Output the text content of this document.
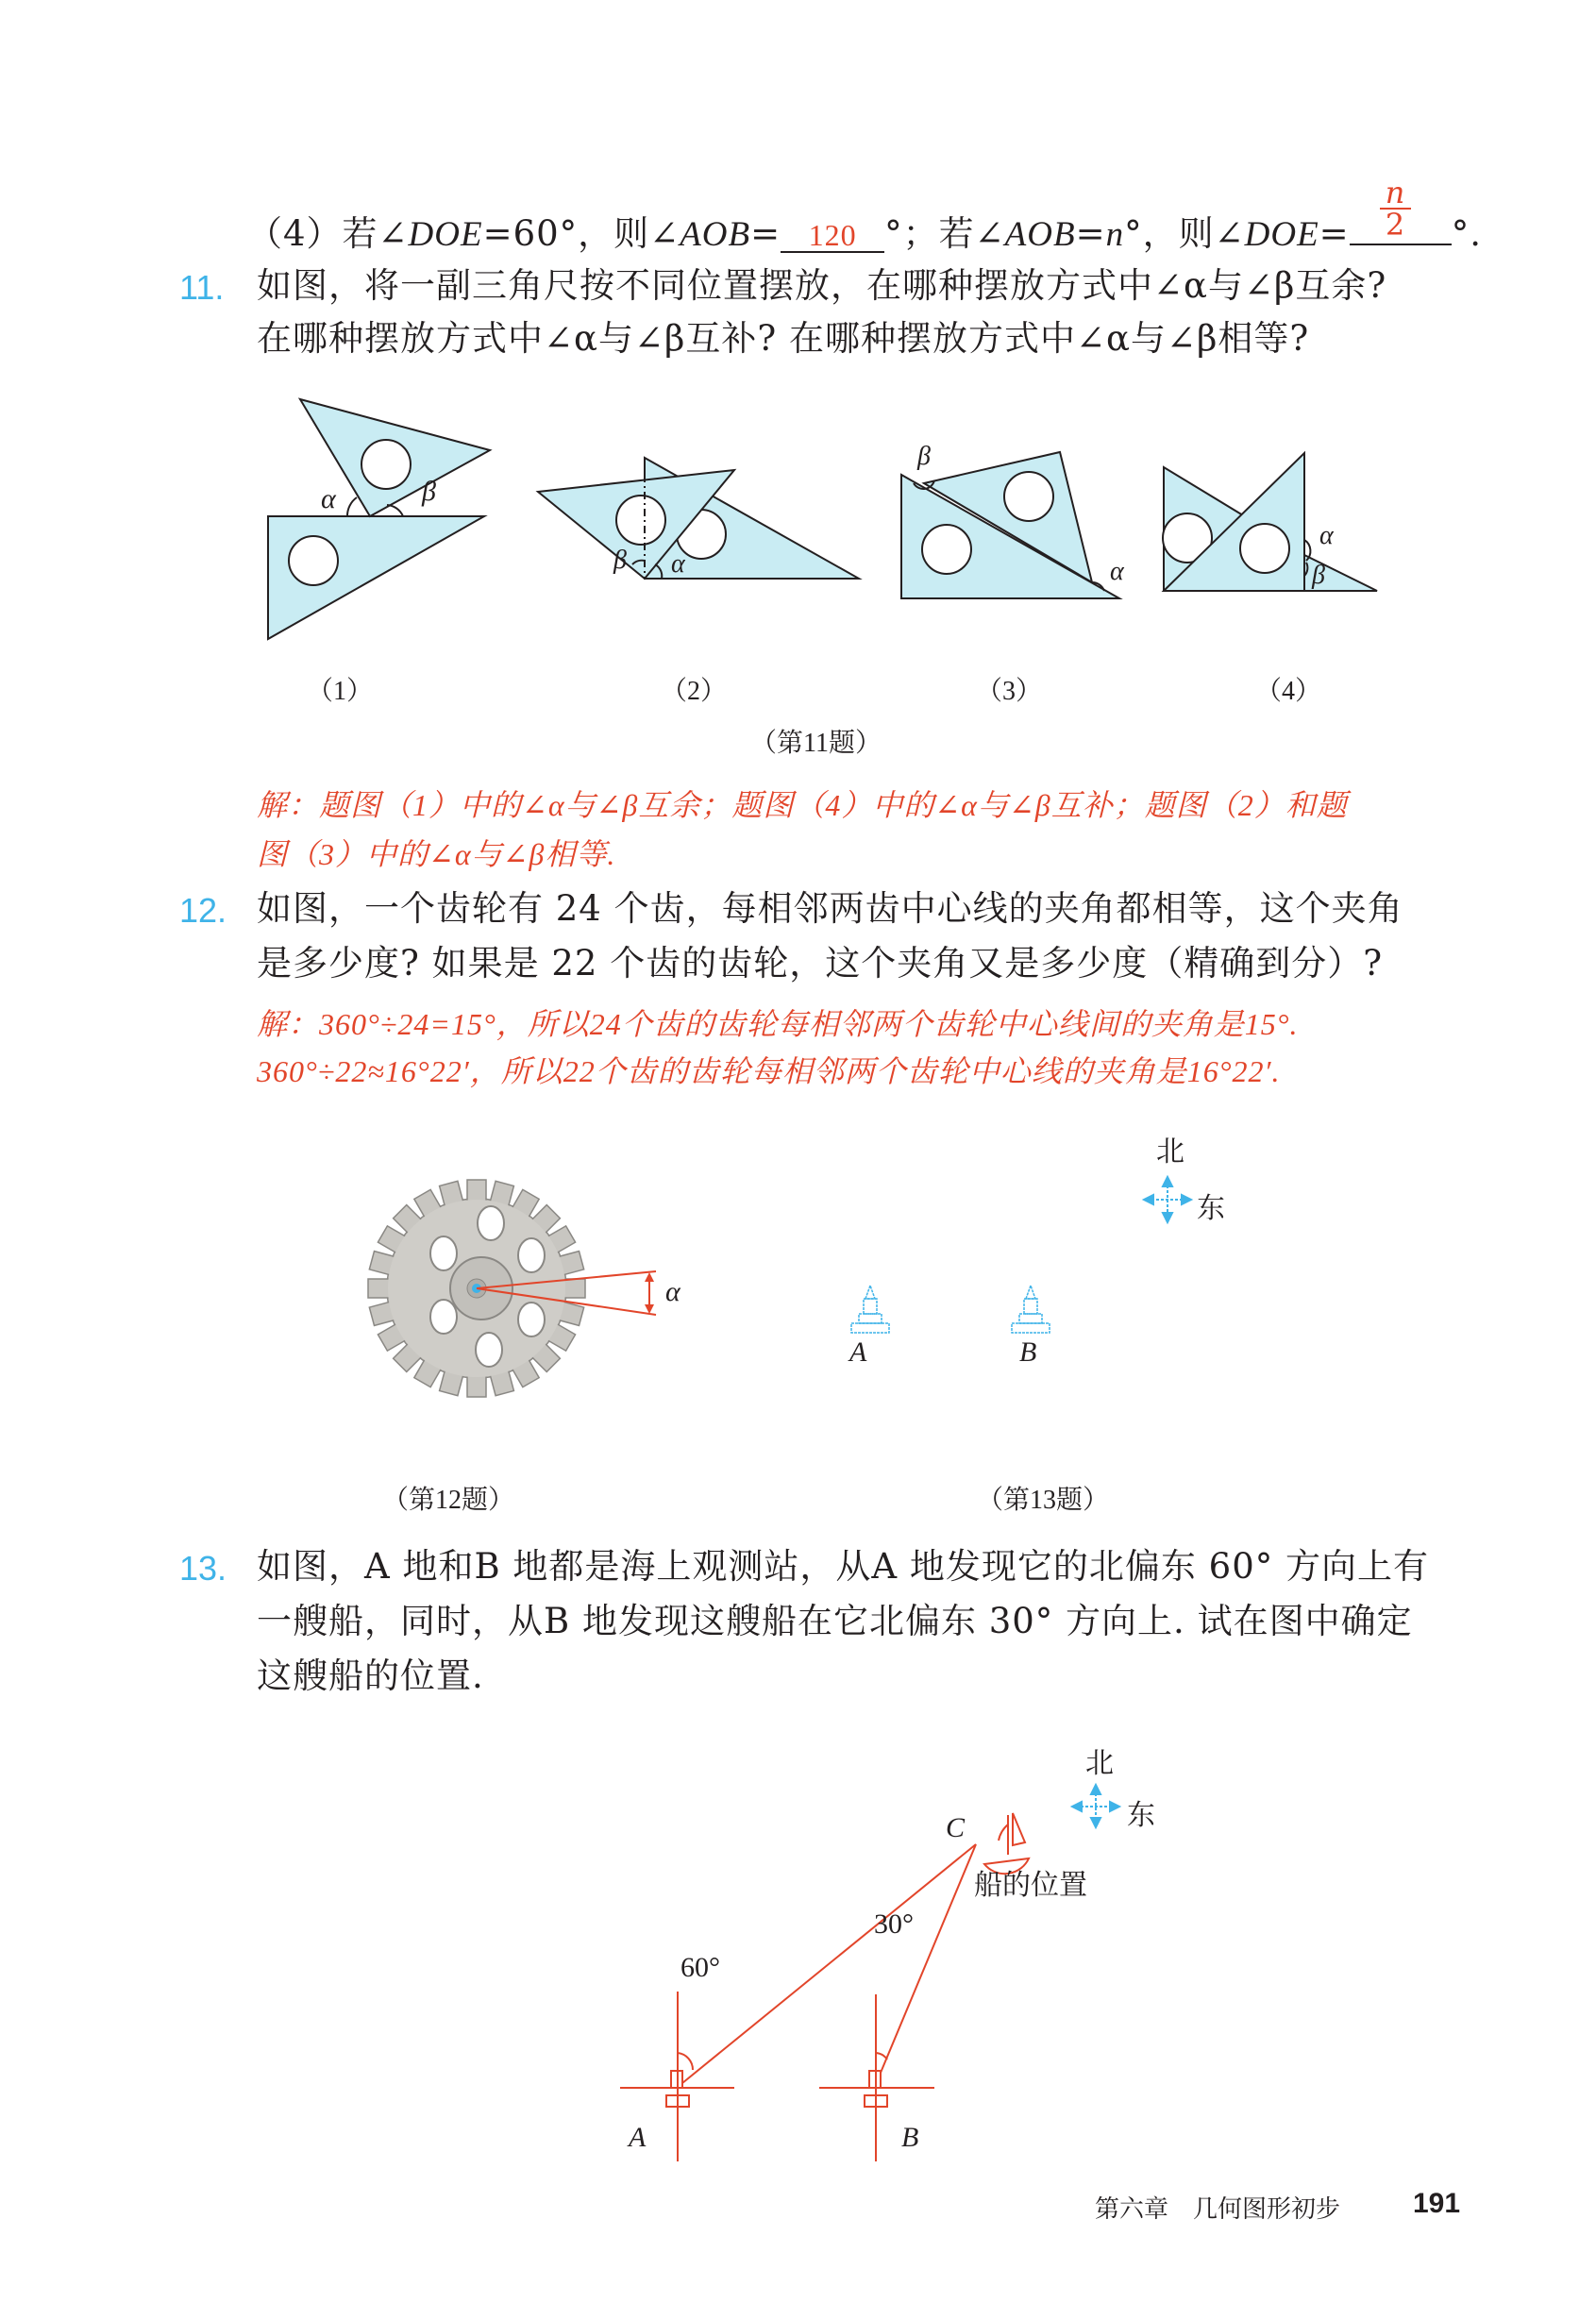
（4）若∠DOE=60°，则∠AOB= 120 °；若∠AOB=n°，则∠DOE= $\frac{n}{2}$ °.
11. 如图，将一副三角尺按不同位置摆放，在哪种摆放方式中∠α与∠β互余?
在哪种摆放方式中∠α与∠β互补? 在哪种摆放方式中∠α与∠β相等?
α	β
β α
β
α
α
β
（1）	（2）	（3）	（4）
（第11题）
解：题图（1）中的∠α与∠β互余；题图（4）中的∠α与∠β互补；题图（2）和题
图（3）中的∠α与∠β相等.
12. 如图，一个齿轮有 24 个齿，每相邻两齿中心线的夹角都相等，这个夹角
是多少度? 如果是 22 个齿的齿轮，这个夹角又是多少度（精确到分）?
解：360°÷24=15°，所以24个齿的齿轮每相邻两个齿轮中心线间的夹角是15°.
360°÷22≈16°22′，所以22个齿的齿轮每相邻两个齿轮中心线的夹角是16°22′.
α
（第12题）
北
东
A	B
（第13题）
13. 如图，A 地和B 地都是海上观测站，从A 地发现它的北偏东 60° 方向上有
一艘船，同时，从B 地发现这艘船在它北偏东 30° 方向上. 试在图中确定
这艘船的位置.
北
东
C
船的位置
30°
60°
A	B
第六章　几何图形初步	191
